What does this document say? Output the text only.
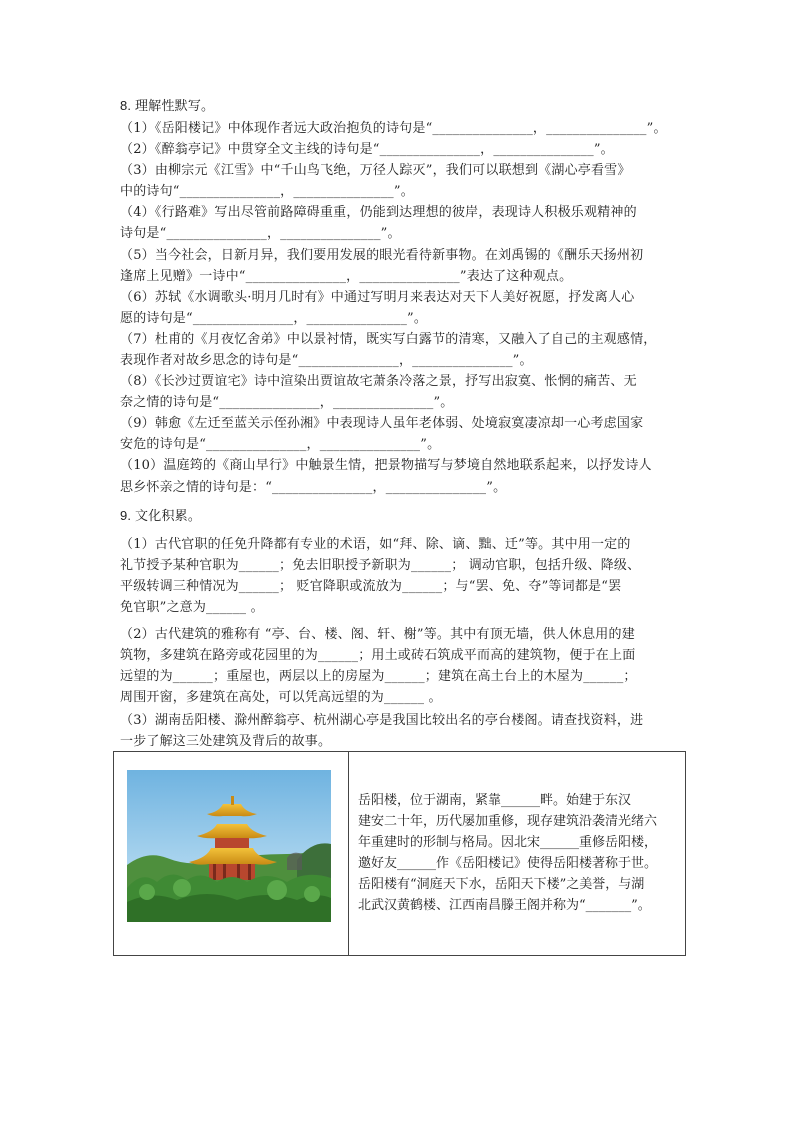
8. 理解性默写。
（1）《岳阳楼记》中体现作者远大政治抱负的诗句是“_______________，_______________”。
（2）《醉翁亭记》中贯穿全文主线的诗句是“_______________，_______________”。
（3）由柳宗元《江雪》中“千山鸟飞绝，万径人踪灭”，我们可以联想到《湖心亭看雪》
中的诗句“_______________，_______________”。
（4）《行路难》写出尽管前路障碍重重，仍能到达理想的彼岸，表现诗人积极乐观精神的
诗句是“_______________，_______________”。
（5）当今社会，日新月异，我们要用发展的眼光看待新事物。在刘禹锡的《酬乐天扬州初
逢席上见赠》一诗中“_______________，_______________”表达了这种观点。
（6）苏轼《水调歌头·明月几时有》中通过写明月来表达对天下人美好祝愿，抒发离人心
愿的诗句是“_______________，_______________”。
（7）杜甫的《月夜忆舍弟》中以景衬情，既实写白露节的清寒，又融入了自己的主观感情，
表现作者对故乡思念的诗句是“_______________，_______________”。
（8）《长沙过贾谊宅》诗中渲染出贾谊故宅萧条冷落之景，抒写出寂寞、怅惘的痛苦、无
奈之情的诗句是“_______________，_______________”。
（9）韩愈《左迁至蓝关示侄孙湘》中表现诗人虽年老体弱、处境寂寞凄凉却一心考虑国家
安危的诗句是“_______________，_______________”。
（10）温庭筠的《商山早行》中触景生情，把景物描写与梦境自然地联系起来，以抒发诗人
思乡怀亲之情的诗句是：“_______________，_______________”。
9. 文化积累。
（1）古代官职的任免升降都有专业的术语，如“拜、除、谪、黜、迁”等。其中用一定的
礼节授予某种官职为______；免去旧职授予新职为______； 调动官职，包括升级、降级、
平级转调三种情况为______； 贬官降职或流放为______；与“罢、免、夺”等词都是“罢
免官职”之意为______ 。
（2）古代建筑的雅称有 “亭、台、楼、阁、轩、榭”等。其中有顶无墙，供人休息用的建
筑物，多建筑在路旁或花园里的为______；用土或砖石筑成平而高的建筑物，便于在上面
远望的为______；重屋也，两层以上的房屋为______；建筑在高土台上的木屋为______；
周围开窗，多建筑在高处，可以凭高远望的为______ 。
（3）湖南岳阳楼、滁州醉翁亭、杭州湖心亭是我国比较出名的亭台楼阁。请查找资料，进
一步了解这三处建筑及背后的故事。
岳阳楼，位于湖南，紧靠______畔。始建于东汉
建安二十年，历代屡加重修，现存建筑沿袭清光绪六
年重建时的形制与格局。因北宋______重修岳阳楼，
邀好友______作《岳阳楼记》使得岳阳楼著称于世。
岳阳楼有“洞庭天下水，岳阳天下楼”之美誉，与湖
北武汉黄鹤楼、江西南昌滕王阁并称为“_______”。
